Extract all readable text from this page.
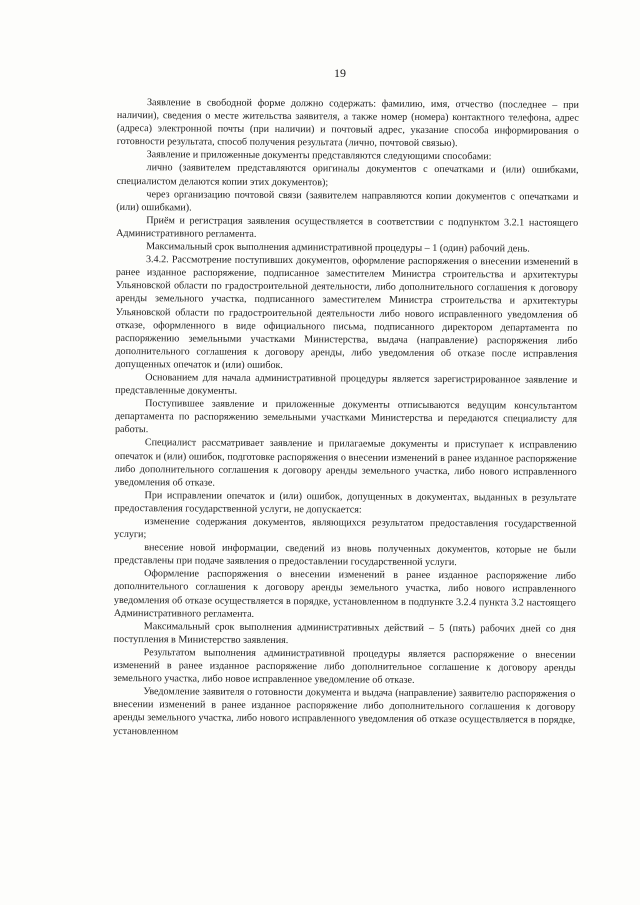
19

Заявление в свободной форме должно содержать: фамилию, имя, отчество (последнее – при наличии), сведения о месте жительства заявителя, а также номер (номера) контактного телефона, адрес (адреса) электронной почты (при наличии) и почтовый адрес, указание способа информирования о готовности результата, способ получения результата (лично, почтовой связью).

Заявление и приложенные документы представляются следующими способами:

лично (заявителем представляются оригиналы документов с опечатками и (или) ошибками, специалистом делаются копии этих документов);

через организацию почтовой связи (заявителем направляются копии документов с опечатками и (или) ошибками).

Приём и регистрация заявления осуществляется в соответствии с подпунктом 3.2.1 настоящего Административного регламента.

Максимальный срок выполнения административной процедуры – 1 (один) рабочий день.

3.4.2. Рассмотрение поступивших документов, оформление распоряжения о внесении изменений в ранее изданное распоряжение, подписанное заместителем Министра строительства и архитектуры Ульяновской области по градостроительной деятельности, либо дополнительного соглашения к договору аренды земельного участка, подписанного заместителем Министра строительства и архитектуры Ульяновской области по градостроительной деятельности либо нового исправленного уведомления об отказе, оформленного в виде официального письма, подписанного директором департамента по распоряжению земельными участками Министерства, выдача (направление) распоряжения либо дополнительного соглашения к договору аренды, либо уведомления об отказе после исправления допущенных опечаток и (или) ошибок.

Основанием для начала административной процедуры является зарегистрированное заявление и представленные документы.

Поступившее заявление и приложенные документы отписываются ведущим консультантом департамента по распоряжению земельными участками Министерства и передаются специалисту для работы.

Специалист рассматривает заявление и прилагаемые документы и приступает к исправлению опечаток и (или) ошибок, подготовке распоряжения о внесении изменений в ранее изданное распоряжение либо дополнительного соглашения к договору аренды земельного участка, либо нового исправленного уведомления об отказе.

При исправлении опечаток и (или) ошибок, допущенных в документах, выданных в результате предоставления государственной услуги, не допускается:

изменение содержания документов, являющихся результатом предоставления государственной услуги;

внесение новой информации, сведений из вновь полученных документов, которые не были представлены при подаче заявления о предоставлении государственной услуги.

Оформление распоряжения о внесении изменений в ранее изданное распоряжение либо дополнительного соглашения к договору аренды земельного участка, либо нового исправленного уведомления об отказе осуществляется в порядке, установленном в подпункте 3.2.4 пункта 3.2 настоящего Административного регламента.

Максимальный срок выполнения административных действий – 5 (пять) рабочих дней со дня поступления в Министерство заявления.

Результатом выполнения административной процедуры является распоряжение о внесении изменений в ранее изданное распоряжение либо дополнительное соглашение к договору аренды земельного участка, либо новое исправленное уведомление об отказе.

Уведомление заявителя о готовности документа и выдача (направление) заявителю распоряжения о внесении изменений в ранее изданное распоряжение либо дополнительного соглашения к договору аренды земельного участка, либо нового исправленного уведомления об отказе осуществляется в порядке, установленном
